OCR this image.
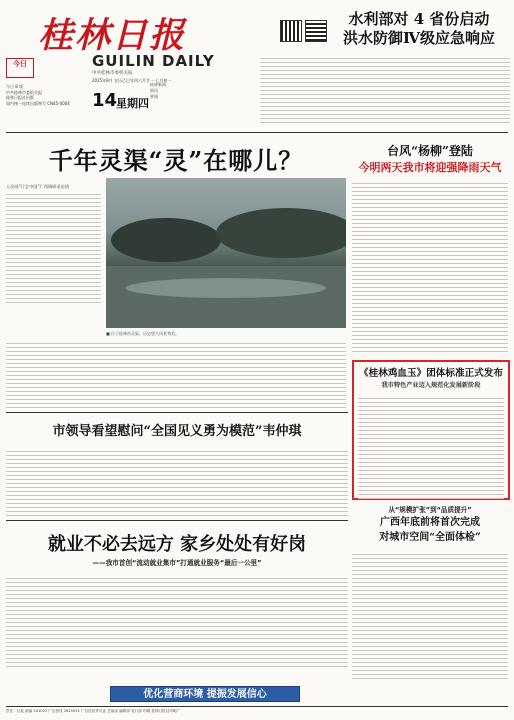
桂林日报
今日	GUILIN DAILY
中共桂林市委机关报
今日 8 版
中共桂林市委机关报
桂林日报社出版
国内统一连续出版物号 CN45-0004
2025年8月 农历乙巳年闰六月廿一 七月初一
14
星期四
桂林新闻
简讯
要闻
水利部对 4 省份启动
洪水防御Ⅳ级应急响应
千年灵渠“灵”在哪儿？
人民网“行走中国”广西调研采访团
■ 位于桂林的灵渠，历史悠久风景秀美。
台风“杨柳”登陆
今明两天我市将迎强降雨天气
《桂林鸡血玉》团体标准正式发布
我市特色产业迈入规范化发展新阶段
市领导看望慰问“全国见义勇为模范”韦仲琪
从“规模扩张”到“品质提升”
广西年底前将首次完成
对城市空间“全面体检”
就业不必去远方 家乡处处有好岗
——我市首创“流动就业集市”打通就业服务“最后一公里”
优化营商环境 提振发展信心
责任：社址 邮编 541001 广告热线 2825092 广告经营许可证 总编室 编辑部 发行部 印刷 桂林日报社印刷厂
